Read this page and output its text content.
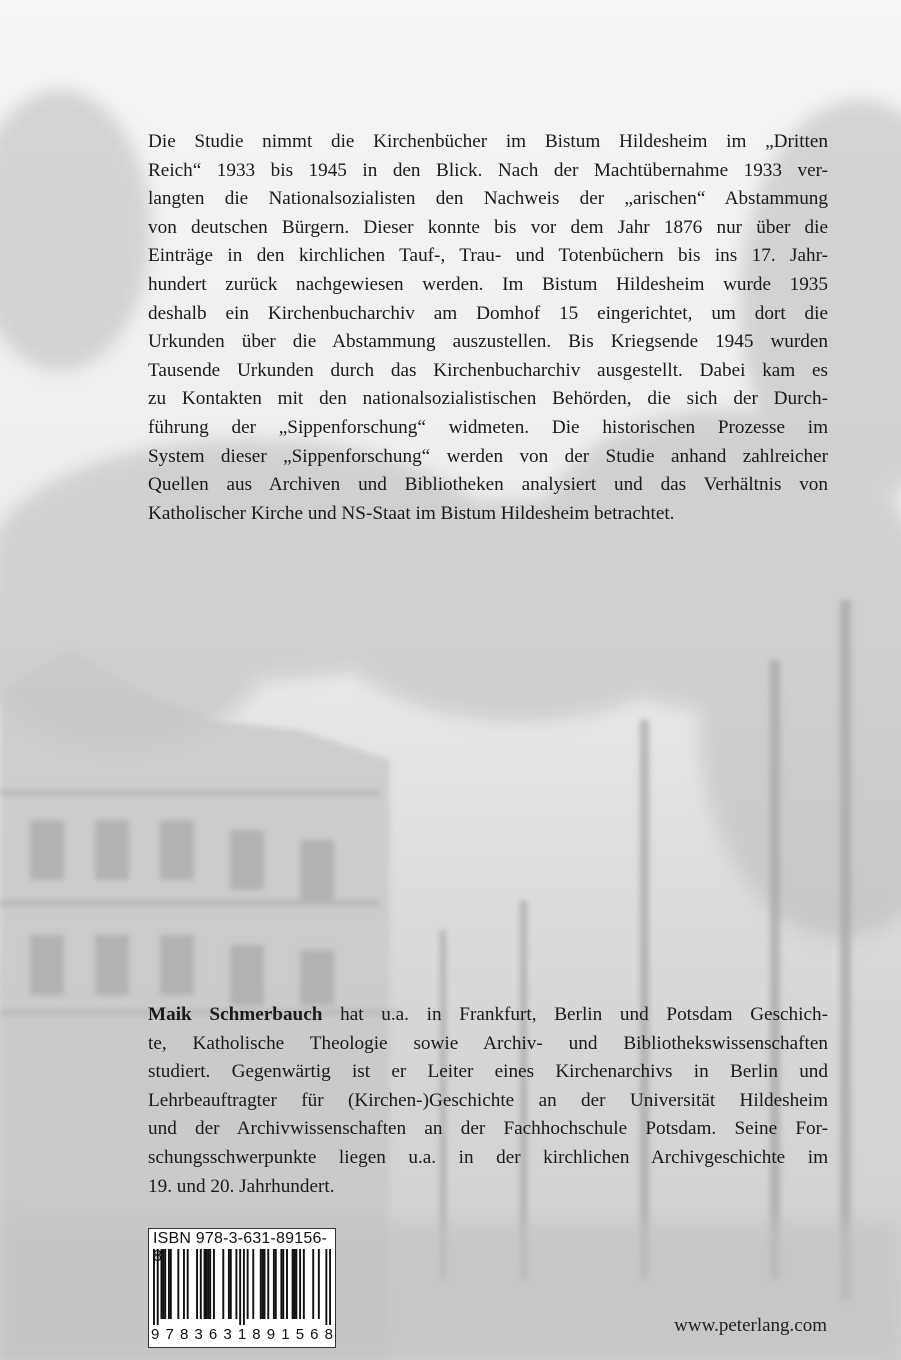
Die Studie nimmt die Kirchenbücher im Bistum Hildesheim im „Dritten
Reich“ 1933 bis 1945 in den Blick. Nach der Machtübernahme 1933 ver-
langten die Nationalsozialisten den Nachweis der „arischen“ Abstammung
von deutschen Bürgern. Dieser konnte bis vor dem Jahr 1876 nur über die
Einträge in den kirchlichen Tauf-, Trau- und Totenbüchern bis ins 17. Jahr-
hundert zurück nachgewiesen werden. Im Bistum Hildesheim wurde 1935
deshalb ein Kirchenbucharchiv am Domhof 15 eingerichtet, um dort die
Urkunden über die Abstammung auszustellen. Bis Kriegsende 1945 wurden
Tausende Urkunden durch das Kirchenbucharchiv ausgestellt. Dabei kam es
zu Kontakten mit den nationalsozialistischen Behörden, die sich der Durch-
führung der „Sippenforschung“ widmeten. Die historischen Prozesse im
System dieser „Sippenforschung“ werden von der Studie anhand zahlreicher
Quellen aus Archiven und Bibliotheken analysiert und das Verhältnis von
Katholischer Kirche und NS-Staat im Bistum Hildesheim betrachtet.
Maik Schmerbauch hat u.a. in Frankfurt, Berlin und Potsdam Geschich-
te, Katholische Theologie sowie Archiv- und Bibliothekswissenschaften
studiert. Gegenwärtig ist er Leiter eines Kirchenarchivs in Berlin und
Lehrbeauftragter für (Kirchen-)Geschichte an der Universität Hildesheim
und der Archivwissenschaften an der Fachhochschule Potsdam. Seine For-
schungsschwerpunkte liegen u.a. in der kirchlichen Archivgeschichte im
19. und 20. Jahrhundert.
ISBN 978-3-631-89156-
9 7 8 3 6 3 1 8 9 1 5 6 8	www.peterlang.com
